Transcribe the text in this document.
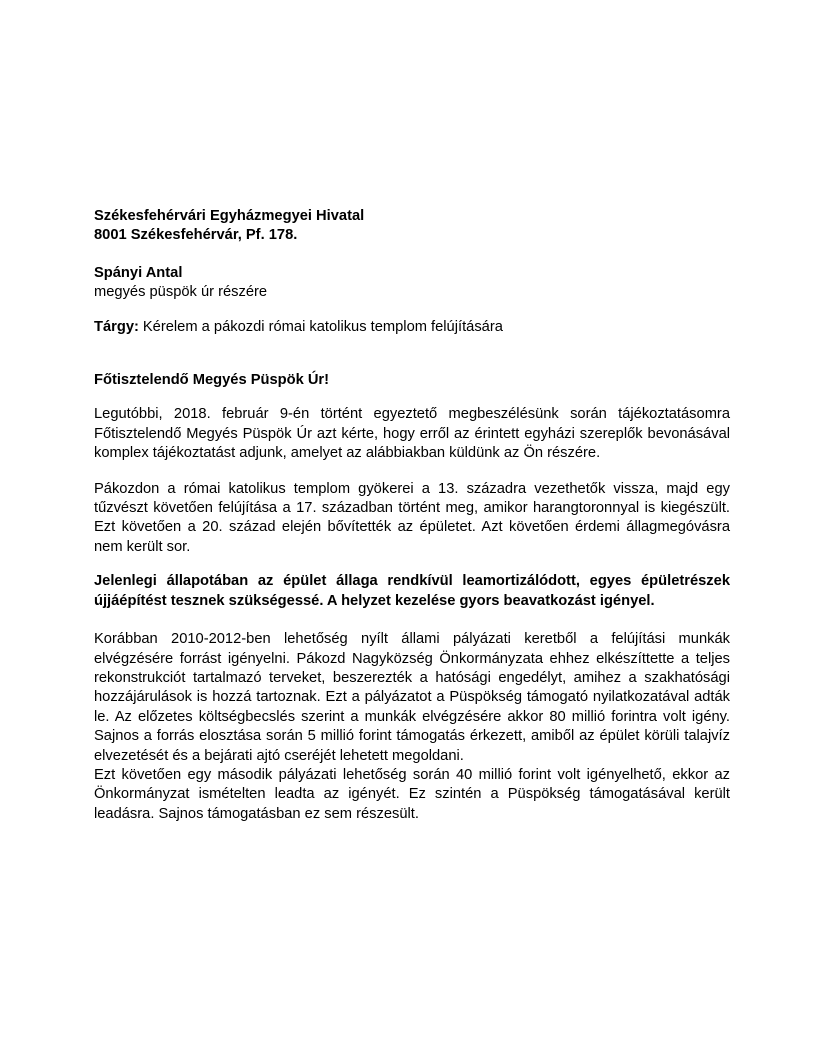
Székesfehérvári Egyházmegyei Hivatal

8001 Székesfehérvár, Pf. 178.

Spányi Antal

megyés püspök úr részére

Tárgy: Kérelem a pákozdi római katolikus templom felújítására

Főtisztelendő Megyés Püspök Úr!

Legutóbbi, 2018. február 9-én történt egyeztető megbeszélésünk során tájékoztatásomra Főtisztelendő Megyés Püspök Úr azt kérte, hogy erről az érintett egyházi szereplők bevonásával komplex tájékoztatást adjunk, amelyet az alábbiakban küldünk az Ön részére.

Pákozdon a római katolikus templom gyökerei a 13. századra vezethetők vissza, majd egy tűzvészt követően felújítása a 17. században történt meg, amikor harangtoronnyal is kiegészült. Ezt követően a 20. század elején bővítették az épületet. Azt követően érdemi állagmegóvásra nem került sor.

Jelenlegi állapotában az épület állaga rendkívül leamortizálódott, egyes épületrészek újjáépítést tesznek szükségessé. A helyzet kezelése gyors beavatkozást igényel.

Korábban 2010-2012-ben lehetőség nyílt állami pályázati keretből a felújítási munkák elvégzésére forrást igényelni. Pákozd Nagyközség Önkormányzata ehhez elkészíttette a teljes rekonstrukciót tartalmazó terveket, beszerezték a hatósági engedélyt, amihez a szakhatósági hozzájárulások is hozzá tartoznak. Ezt a pályázatot a Püspökség támogató nyilatkozatával adták le. Az előzetes költségbecslés szerint a munkák elvégzésére akkor 80 millió forintra volt igény. Sajnos a forrás elosztása során 5 millió forint támogatás érkezett, amiből az épület körüli talajvíz elvezetését és a bejárati ajtó cseréjét lehetett megoldani.

Ezt követően egy második pályázati lehetőség során 40 millió forint volt igényelhető, ekkor az Önkormányzat ismételten leadta az igényét. Ez szintén a Püspökség támogatásával került leadásra. Sajnos támogatásban ez sem részesült.
